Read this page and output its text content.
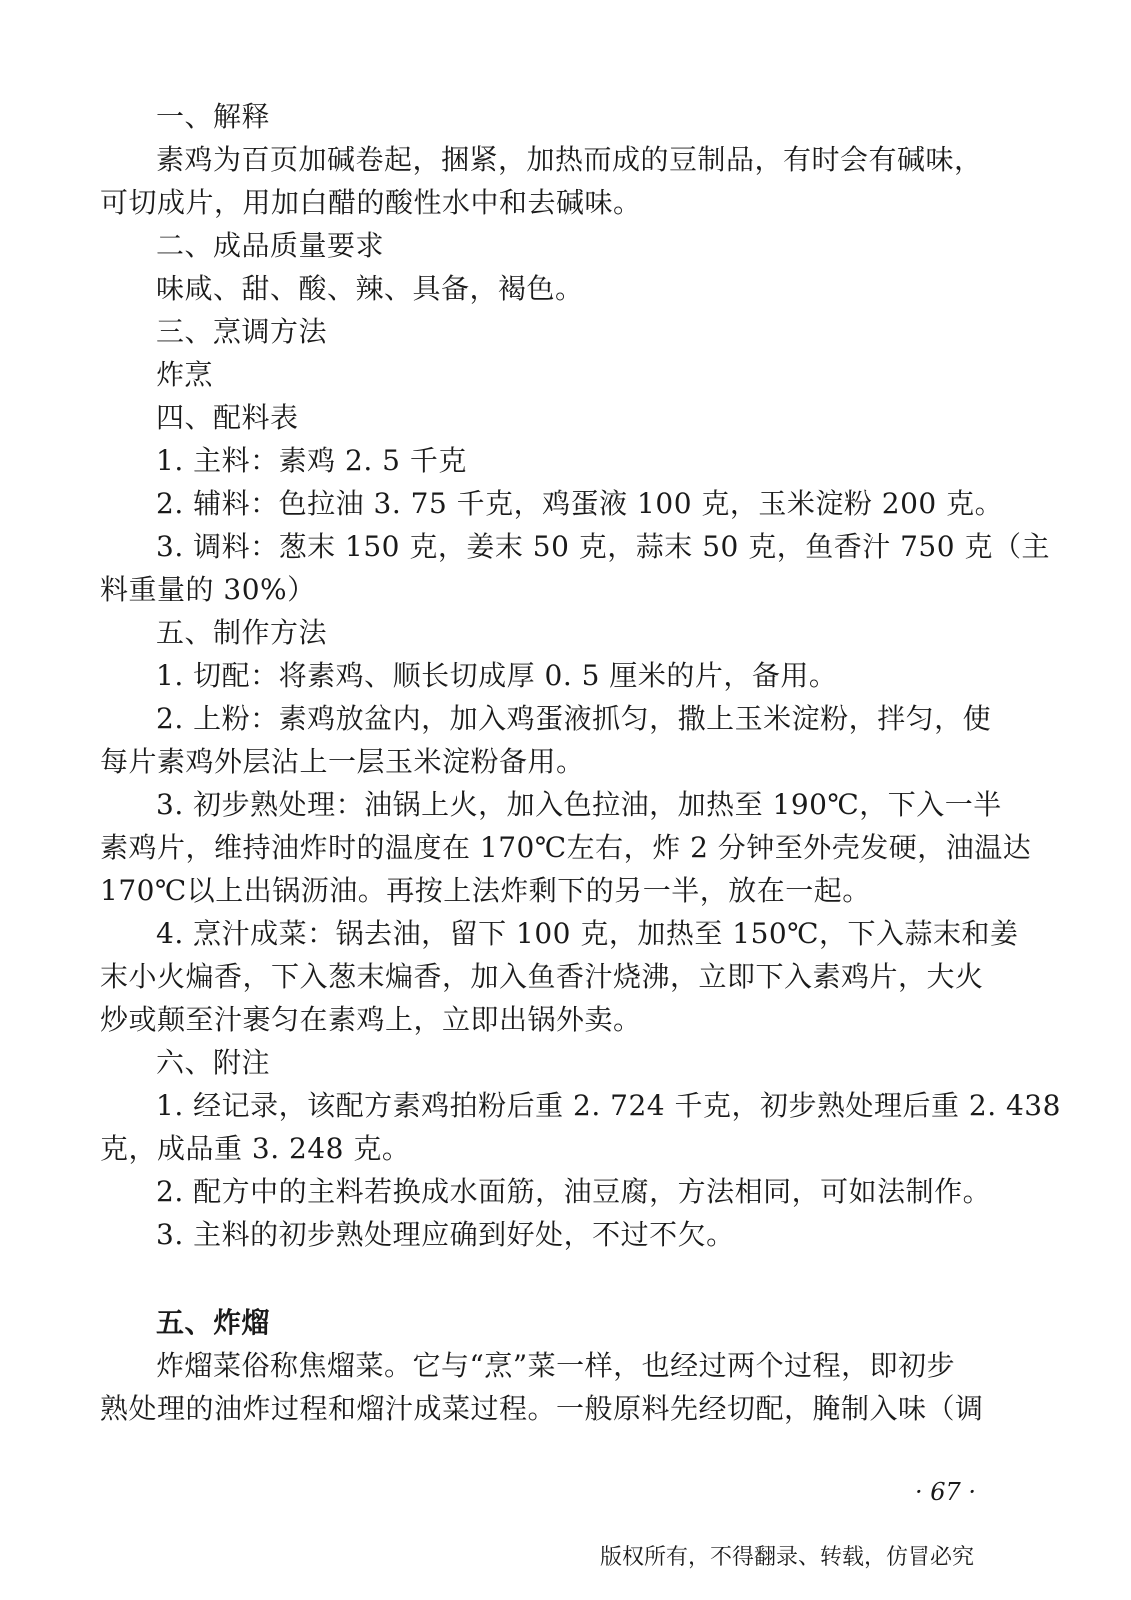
一、解释
素鸡为百页加碱卷起，捆紧，加热而成的豆制品，有时会有碱味，
可切成片，用加白醋的酸性水中和去碱味。
二、成品质量要求
味咸、甜、酸、辣、具备，褐色。
三、烹调方法
炸烹
四、配料表
1. 主料：素鸡 2. 5 千克
2. 辅料：色拉油 3. 75 千克，鸡蛋液 100 克，玉米淀粉 200 克。
3. 调料：葱末 150 克，姜末 50 克，蒜末 50 克，鱼香汁 750 克（主
料重量的 30%）
五、制作方法
1. 切配：将素鸡、顺长切成厚 0. 5 厘米的片，备用。
2. 上粉：素鸡放盆内，加入鸡蛋液抓匀，撒上玉米淀粉，拌匀，使
每片素鸡外层沾上一层玉米淀粉备用。
3. 初步熟处理：油锅上火，加入色拉油，加热至 190℃，下入一半
素鸡片，维持油炸时的温度在 170℃左右，炸 2 分钟至外壳发硬，油温达
170℃以上出锅沥油。再按上法炸剩下的另一半，放在一起。
4. 烹汁成菜：锅去油，留下 100 克，加热至 150℃，下入蒜末和姜
末小火煸香，下入葱末煸香，加入鱼香汁烧沸，立即下入素鸡片，大火
炒或颠至汁裹匀在素鸡上，立即出锅外卖。
六、附注
1. 经记录，该配方素鸡拍粉后重 2. 724 千克，初步熟处理后重 2. 438
克，成品重 3. 248 克。
2. 配方中的主料若换成水面筋，油豆腐，方法相同，可如法制作。
3. 主料的初步熟处理应确到好处，不过不欠。
五、炸熘
炸熘菜俗称焦熘菜。它与“烹”菜一样，也经过两个过程，即初步
熟处理的油炸过程和熘汁成菜过程。一般原料先经切配，腌制入味（调
· 67 ·
版权所有，不得翻录、转载，仿冒必究
